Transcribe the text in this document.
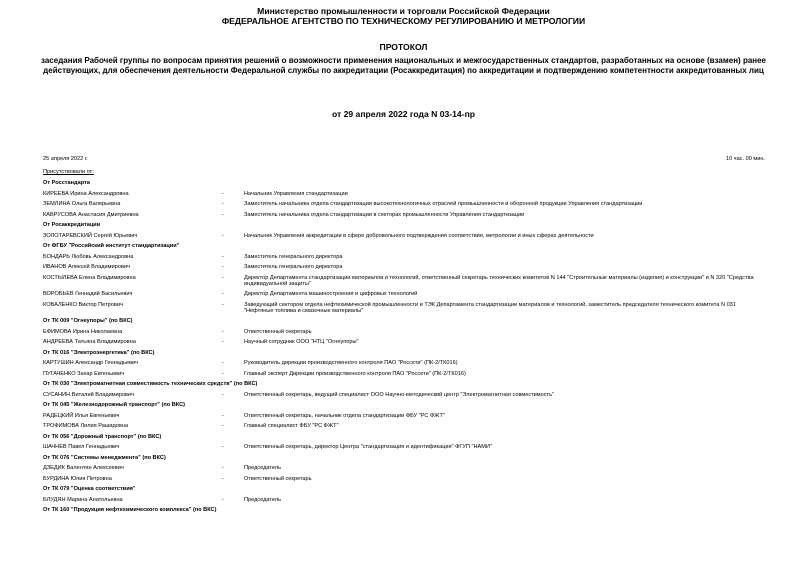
Министерство промышленности и торговли Российской Федерации
ФЕДЕРАЛЬНОЕ АГЕНТСТВО ПО ТЕХНИЧЕСКОМУ РЕГУЛИРОВАНИЮ И МЕТРОЛОГИИ
ПРОТОКОЛ
заседания Рабочей группы по вопросам принятия решений о возможности применения национальных и межгосударственных стандартов, разработанных на основе (взамен) ранее действующих, для обеспечения деятельности Федеральной службы по аккредитации (Росаккредитация) по аккредитации и подтверждению компетентности аккредитованных лиц
от 29 апреля 2022 года N 03-14-пр
25 апреля 2022 г.	10 час. 00 мин.
Присутствовали от:
От Росстандарта
КИРЕЕВА Ирина Александровна	-	Начальник Управления стандартизации
ЗЕМЛИНА Ольга Валерьевна	-	Заместитель начальника отдела стандартизации высокотехнологичных отраслей промышленности и оборонной продукции Управления стандартизации
КАВРУСОВА Анастасия Дмитриевна	-	Заместитель начальника отдела стандартизации в секторах промышленности Управления стандартизации
От Росаккредитации
ЗОЛОТАРЕВСКИЙ Сергей Юрьевич	-	Начальник Управления аккредитации в сфере добровольного подтверждения соответствия, метрологии и иных сферах деятельности
От ФГБУ "Российский институт стандартизации"
БОНДАРЬ Любовь Александровна	-	Заместитель генерального директора
ИВАНОВ Алексей Владимирович	-	Заместитель генерального директора
КОСТЫЛЕВА Елена Владимировна	-	Директор Департамента стандартизации материалов и технологий, ответственный секретарь технических комитетов N 144 "Строительные материалы (изделия) и конструкции" и N 320 "Средства индивидуальной защиты"
ВОРОБЬЕВ Геннадий Васильевич	-	Директор Департамента машиностроения и цифровых технологий
КОВАЛЕНКО Виктор Петрович	-	Заведующий сектором отдела нефтехимической промышленности и ТЭК Департамента стандартизации материалов и технологий, заместитель председателя технического комитета N 031 "Нефтяные топлива и смазочные материалы"
От ТК 009 "Огнеупоры" (по ВКС)
ЕФИМОВА Ирина Николаевна	-	Ответственный секретарь
АНДРЕЕВА Татьяна Владимировна	-	Научный сотрудник ООО "НТЦ "Огнеупоры"
От ТК 016 "Электроэнергетика" (по ВКС)
КАРТУШИН Александр Геннадьевич	-	Руководитель дирекции производственного контроля ПАО "Россети" (ПК-2/ТК016)
ПУГАЧЕНКО Захар Евгеньевич	-	Главный эксперт Дирекции производственного контроля ПАО "Россети" (ПК-2/ТК016)
От ТК 030 "Электромагнитная совместимость технических средств" (по ВКС)
СУСАНИН Виталий Владимирович	-	Ответственный секретарь, ведущий специалист ООО Научно-методический центр "Электромагнитная совместимость"
От ТК 045 "Железнодорожный транспорт" (по ВКС)
РАДЕЦКИЙ Илья Евгеньевич	-	Ответственный секретарь, начальник отдела стандартизации ФБУ "РС ФЖТ"
ТРОФИМОВА Лилия Рашидовна	-	Главный специалист ФБУ "РС ФЖТ"
От ТК 056 "Дорожный транспорт" (по ВКС)
ШАЧНЕВ Павел Геннадьевич	-	Ответственный секретарь, директор Центра "стандартизация и идентификация" ФГУП "НАМИ"
От ТК 076 "Системы менеджмента" (по ВКС)
ДЗЕДИК Валентин Алексеевич	-	Председатель
БУРДИНА Юлия Петровна	-	Ответственный секретарь
От ТК 079 "Оценка соответствия"
БЛУДЯН Марина Анатольевна	-	Председатель
От ТК 160 "Продукция нефтехимического комплекса" (по ВКС)
